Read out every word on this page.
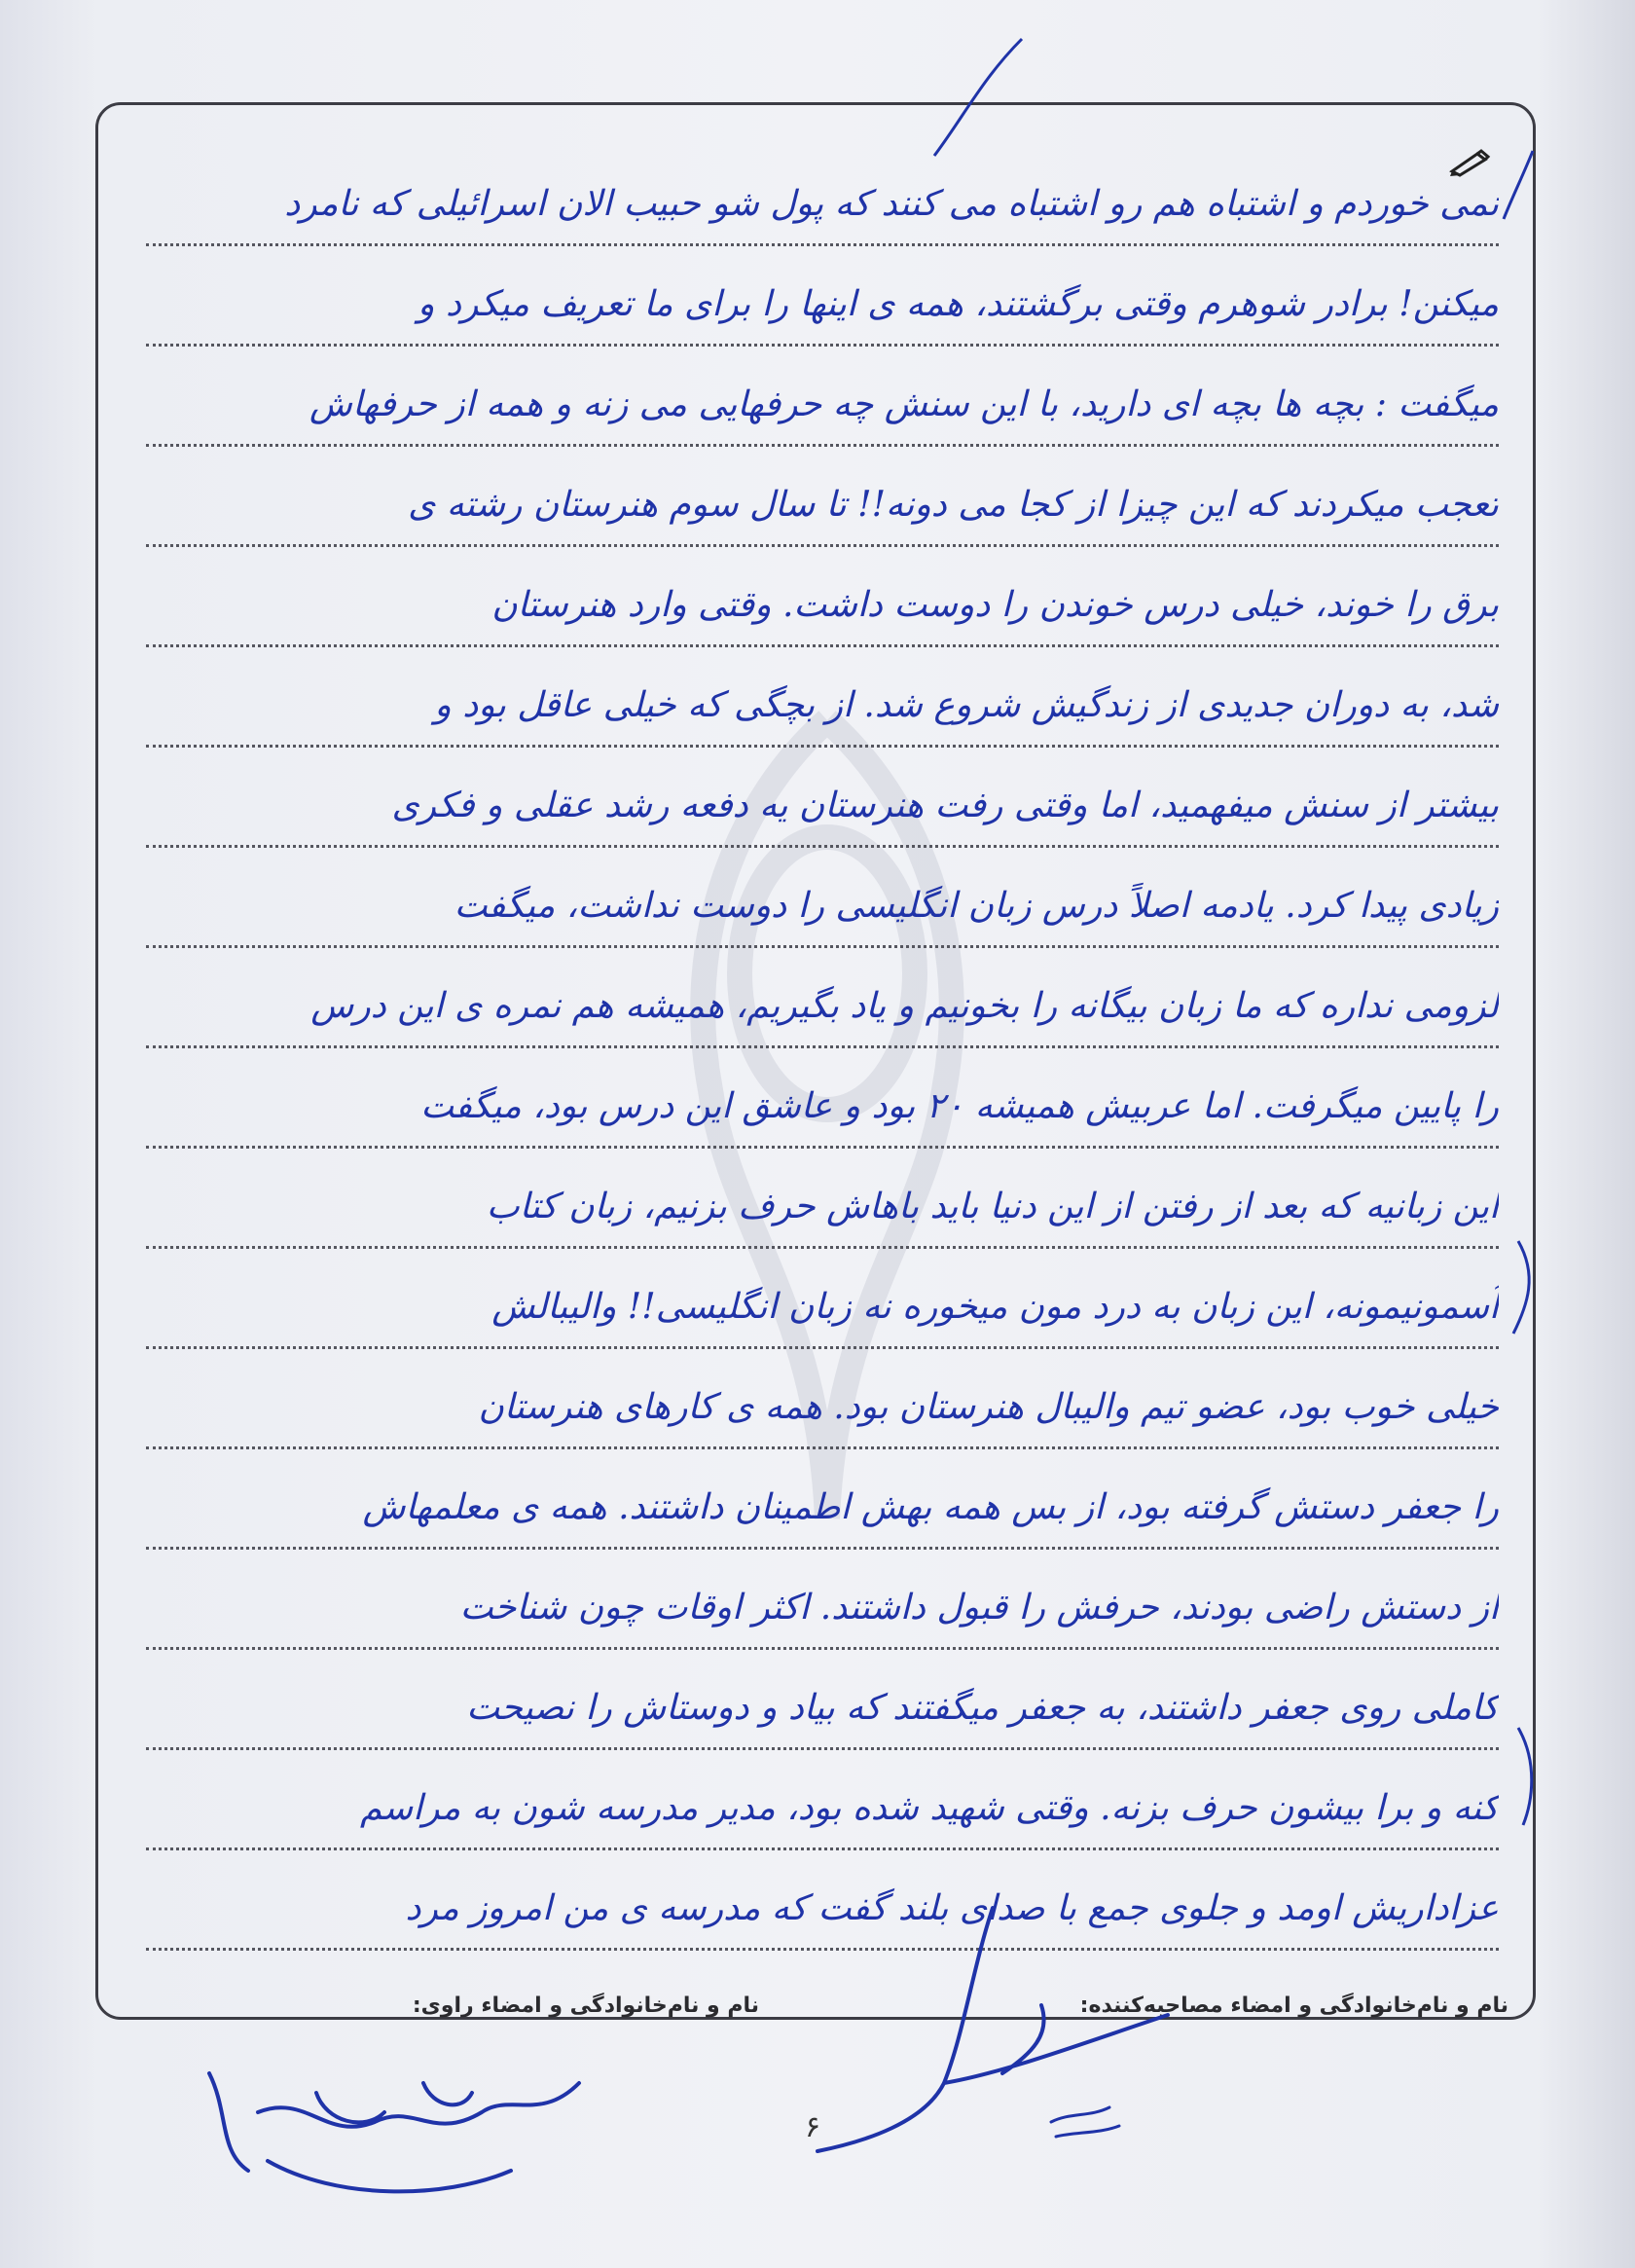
نمی خوردم و اشتباه هم رو اشتباه می کنند که پول شو حبیب الان اسرائیلی که نامرد
میکنن! برادر شوهرم وقتی برگشتند، همه ی اینها را برای ما تعریف میکرد و
میگفت : بچه ها بچه ای دارید، با این سنش چه حرفهایی می زنه و همه از حرفهاش
تعجب میکردند که این چیزا از کجا می دونه!! تا سال سوم هنرستان رشته ی
برق را خوند، خیلی درس خوندن را دوست داشت. وقتی وارد هنرستان
شد، به دوران جدیدی از زندگیش شروع شد. از بچگی که خیلی عاقل بود و
بیشتر از سنش میفهمید، اما وقتی رفت هنرستان یه دفعه رشد عقلی و فکری
زیادی پیدا کرد. یادمه اصلاً درس زبان انگلیسی را دوست نداشت، میگفت
لزومی نداره که ما زبان بیگانه را بخونیم و یاد بگیریم، همیشه هم نمره ی این درس
را پایین میگرفت. اما عربیش همیشه ۲۰ بود و عاشق این درس بود، میگفت
این زبانیه که بعد از رفتن از این دنیا باید باهاش حرف بزنیم، زبان کتاب
آسمونیمونه، این زبان به درد مون میخوره نه زبان انگلیسی!! والیبالش
خیلی خوب بود، عضو تیم والیبال هنرستان بود. همه ی کارهای هنرستان
را جعفر دستش گرفته بود، از بس همه بهش اطمینان داشتند. همه ی معلمهاش
از دستش راضی بودند، حرفش را قبول داشتند. اکثر اوقات چون شناخت
کاملی روی جعفر داشتند، به جعفر میگفتند که بیاد و دوستاش را نصیحت
کنه و برا بیشون حرف بزنه. وقتی شهید شده بود، مدیر مدرسه شون به مراسم
عزاداریش اومد و جلوی جمع با صدای بلند گفت که مدرسه ی من امروز مرد
نام و نام‌خانوادگی و امضاء مصاحبه‌کننده:
نام و نام‌خانوادگی و امضاء راوی:
۶
